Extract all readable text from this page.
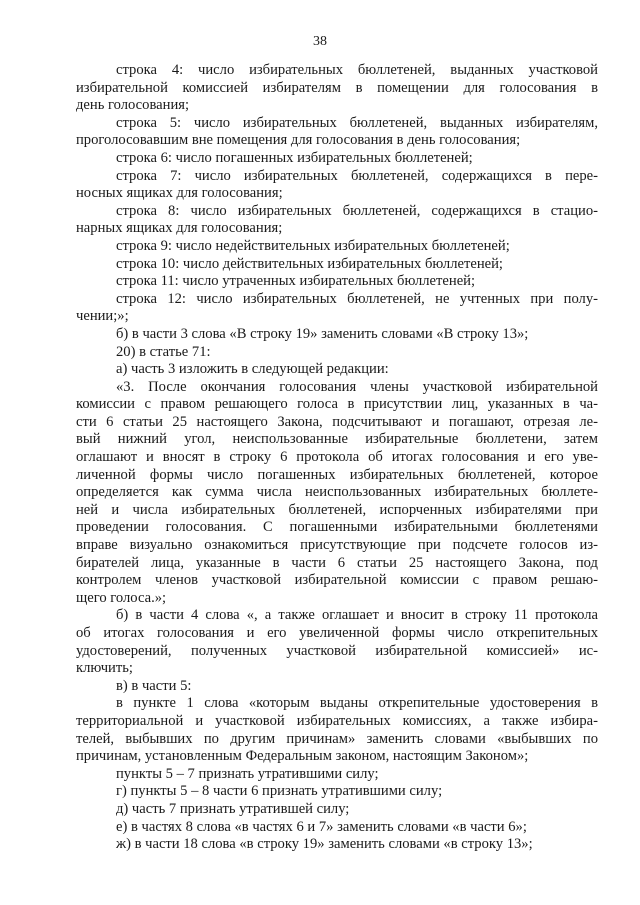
38
строка 4: число избирательных бюллетеней, выданных участковой
избирательной комиссией избирателям в помещении для голосования в
день голосования;
строка 5: число избирательных бюллетеней, выданных избирателям,
проголосовавшим вне помещения для голосования в день голосования;
строка 6: число погашенных избирательных бюллетеней;
строка 7: число избирательных бюллетеней, содержащихся в пере-
носных ящиках для голосования;
строка 8: число избирательных бюллетеней, содержащихся в стацио-
нарных ящиках для голосования;
строка 9: число недействительных избирательных бюллетеней;
строка 10: число действительных избирательных бюллетеней;
строка 11: число утраченных избирательных бюллетеней;
строка 12: число избирательных бюллетеней, не учтенных при полу-
чении;»;
б) в части 3 слова «В строку 19» заменить словами «В строку 13»;
20) в статье 71:
а) часть 3 изложить в следующей редакции:
«3. После окончания голосования члены участковой избирательной
комиссии с правом решающего голоса в присутствии лиц, указанных в ча-
сти 6 статьи 25 настоящего Закона, подсчитывают и погашают, отрезая ле-
вый нижний угол, неиспользованные избирательные бюллетени, затем
оглашают и вносят в строку 6 протокола об итогах голосования и его уве-
личенной формы число погашенных избирательных бюллетеней, которое
определяется как сумма числа неиспользованных избирательных бюллете-
ней и числа избирательных бюллетеней, испорченных избирателями при
проведении голосования. С погашенными избирательными бюллетенями
вправе визуально ознакомиться присутствующие при подсчете голосов из-
бирателей лица, указанные в части 6 статьи 25 настоящего Закона, под
контролем членов участковой избирательной комиссии с правом решаю-
щего голоса.»;
б) в части 4 слова «, а также оглашает и вносит в строку 11 протокола
об итогах голосования и его увеличенной формы число открепительных
удостоверений, полученных участковой избирательной комиссией» ис-
ключить;
в) в части 5:
в пункте 1 слова «которым выданы открепительные удостоверения в
территориальной и участковой избирательных комиссиях, а также избира-
телей, выбывших по другим причинам» заменить словами «выбывших по
причинам, установленным Федеральным законом, настоящим Законом»;
пункты 5 – 7 признать утратившими силу;
г) пункты 5 – 8 части 6 признать утратившими силу;
д) часть 7 признать утратившей силу;
е) в частях 8 слова «в частях 6 и 7» заменить словами «в части 6»;
ж) в части 18 слова «в строку 19» заменить словами «в строку 13»;
